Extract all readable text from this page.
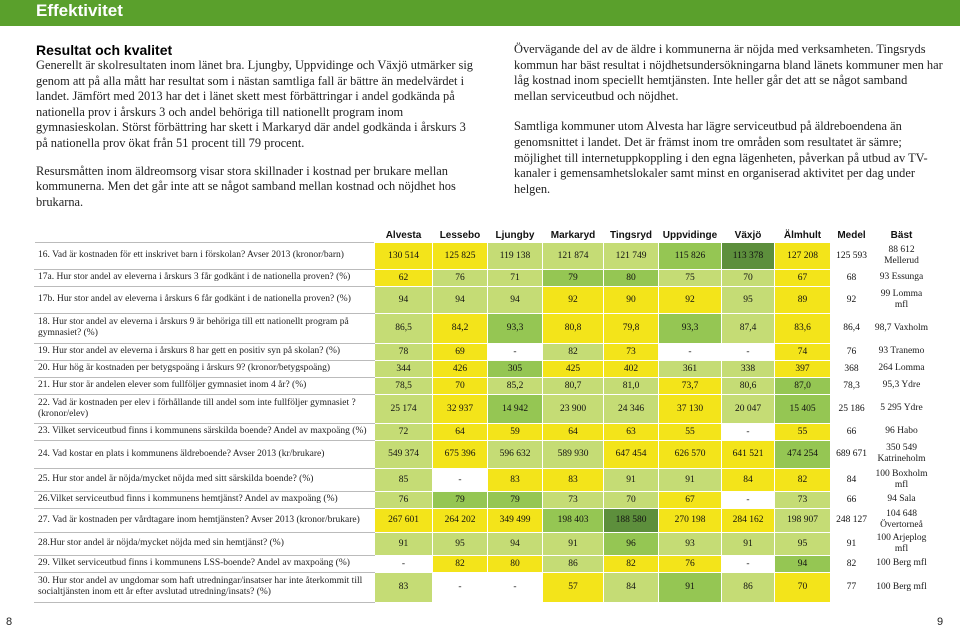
Effektivitet
Resultat och kvalitet

Generellt är skolresultaten inom länet bra. Ljungby, Uppvidinge och Växjö utmärker sig genom att på alla mått har resultat som i nästan samtliga fall är bättre än medelvärdet i landet. Jämfört med 2013 har det i länet skett mest förbättringar i andel godkända på nationella prov i årskurs 3 och andel behöriga till nationellt program inom gymnasieskolan. Störst förbättring har skett i Markaryd där andel godkända i årskurs 3 på nationella prov ökat från 51 procent till 79 procent.

Resursmåtten inom äldreomsorg visar stora skillnader i kostnad per brukare mellan kommunerna. Men det går inte att se något samband mellan kostnad och nöjdhet hos brukarna.

Övervägande del av de äldre i kommunerna är nöjda med verksamheten. Tingsryds kommun har bäst resultat i nöjdhetsundersökningarna bland länets kommuner men har låg kostnad inom speciellt hemtjänsten. Inte heller går det att se något samband mellan serviceutbud och nöjdhet.

Samtliga kommuner utom Alvesta har lägre serviceutbud på äldreboendena än genomsnittet i landet. Det är främst inom tre områden som resultatet är sämre; möjlighet till internetuppkoppling i den egna lägenheten, påverkan på utbud av TV-kanaler i gemensamhetslokaler samt minst en organiserad aktivitet per dag under helgen.

	Alvesta	Lessebo	Ljungby	Markaryd	Tingsryd	Uppvidinge	Växjö	Älmhult	Medel	Bäst
16. Vad är kostnaden för ett inskrivet barn i förskolan? Avser 2013 (kronor/barn)	130 514	125 825	119 138	121 874	121 749	115 826	113 378	127 208	125 593	88 612 Mellerud
17a. Hur stor andel av eleverna i årskurs 3 får godkänt i de nationella proven? (%)	62	76	71	79	80	75	70	67	68	93 Essunga
17b. Hur stor andel av eleverna i årskurs 6 får godkänt i de nationella proven? (%)	94	94	94	92	90	92	95	89	92	99 Lomma mfl
18. Hur stor andel av eleverna i årskurs 9 är behöriga till ett nationellt program på gymnasiet? (%)	86,5	84,2	93,3	80,8	79,8	93,3	87,4	83,6	86,4	98,7 Vaxholm
19. Hur stor andel av eleverna i årskurs 8 har gett en positiv syn på skolan? (%)	78	69	-	82	73	-	-	74	76	93 Tranemo
20. Hur hög är kostnaden per betygspoäng i årskurs 9? (kronor/betygspoäng)	344	426	305	425	402	361	338	397	368	264 Lomma
21. Hur stor är andelen elever som fullföljer gymnasiet inom 4 år? (%)	78,5	70	85,2	80,7	81,0	73,7	80,6	87,0	78,3	95,3 Ydre
22. Vad är kostnaden per elev i förhållande till andel som inte fullföljer gymnasiet ? (kronor/elev)	25 174	32 937	14 942	23 900	24 346	37 130	20 047	15 405	25 186	5 295 Ydre
23. Vilket serviceutbud finns i kommunens särskilda boende? Andel av maxpoäng (%)	72	64	59	64	63	55	-	55	66	96 Habo
24. Vad kostar en plats i kommunens äldreboende? Avser 2013 (kr/brukare)	549 374	675 396	596 632	589 930	647 454	626 570	641 521	474 254	689 671	350 549 Katrineholm
25. Hur stor andel är nöjda/mycket nöjda med sitt särskilda boende? (%)	85	-	83	83	91	91	84	82	84	100 Boxholm mfl
26.Vilket serviceutbud finns i kommunens hemtjänst? Andel av maxpoäng (%)	76	79	79	73	70	67	-	73	66	94 Sala
27. Vad är kostnaden per vårdtagare inom hemtjänsten? Avser 2013 (kronor/brukare)	267 601	264 202	349 499	198 403	188 580	270 198	284 162	198 907	248 127	104 648 Övertorneå
28.Hur stor andel är nöjda/mycket nöjda med sin hemtjänst? (%)	91	95	94	91	96	93	91	95	91	100 Arjeplog mfl
29. Vilket serviceutbud finns i kommunens LSS-boende? Andel av maxpoäng (%)	-	82	80	86	82	76	-	94	82	100 Berg mfl
30. Hur stor andel av ungdomar som haft utredningar/insatser har inte återkommit till socialtjänsten inom ett år efter avslutad utredning/insats? (%)	83	-	-	57	84	91	86	70	77	100 Berg mfl
8	9
